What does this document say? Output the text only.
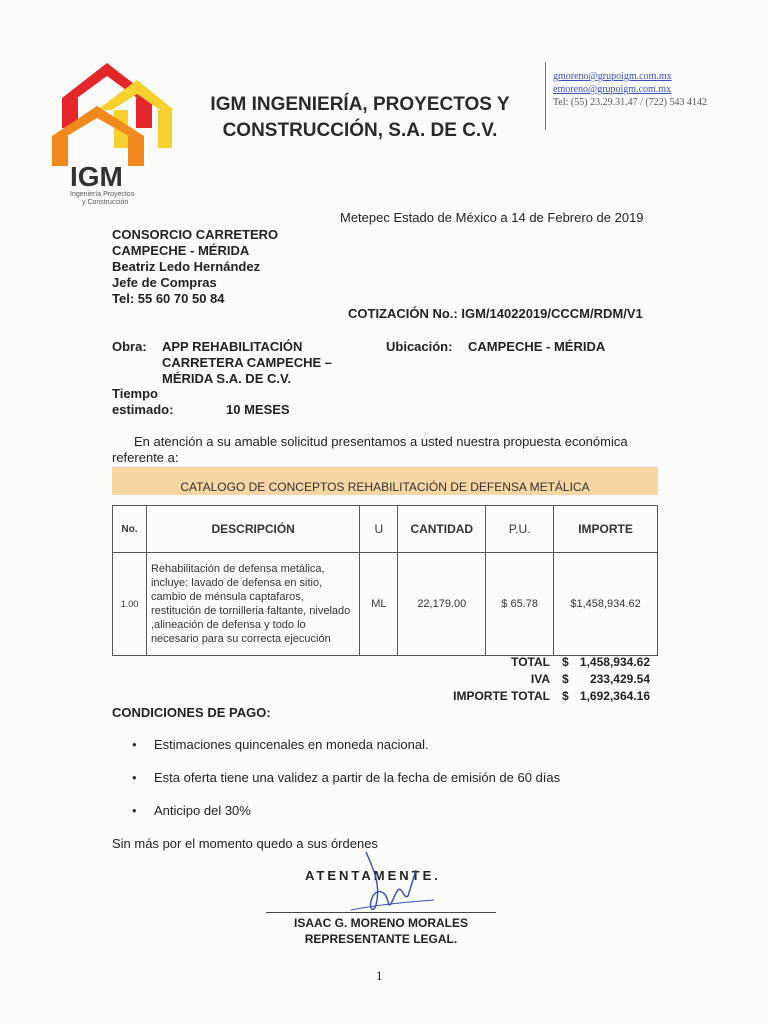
IGM
Ingeniería Proyectos
y Construcción
IGM INGENIERÍA, PROYECTOS Y
CONSTRUCCIÓN, S.A. DE C.V.
gmoreno@grupoigm.com.mx
emoreno@grupoigm.com.mx
Tel: (55) 23.29.31.47 / (722) 543 4142
Metepec Estado de México a 14 de Febrero de 2019
CONSORCIO CARRETERO
CAMPECHE - MÉRIDA
Beatriz Ledo Hernández
Jefe de Compras
Tel: 55 60 70 50 84
COTIZACIÓN No.: IGM/14022019/CCCM/RDM/V1
Obra: APP REHABILITACIÓN
CARRETERA CAMPECHE –
MÉRIDA S.A. DE C.V.
Ubicación: CAMPECHE - MÉRIDA
Tiempo
estimado:	10 MESES
En atención a su amable solicitud presentamos a usted nuestra propuesta económica referente a:
CATALOGO DE CONCEPTOS REHABILITACIÓN DE DEFENSA METÁLICA
No.	DESCRIPCIÓN	U	CANTIDAD	P.U.	IMPORTE
1.00	Rehabilitación de defensa metálica, incluye: lavado de defensa en sitio, cambio de ménsula captafaros, restitución de tornilleria faltante, nivelado ,alineación de defensa y todo lo necesario para su correcta ejecución	ML	22,179.00	$ 65.78	$1,458,934.62
TOTAL $ 1,458,934.62
IVA $ 233,429.54
IMPORTE TOTAL $ 1,692,364.16
CONDICIONES DE PAGO:
• Estimaciones quincenales en moneda nacional.
• Esta oferta tiene una validez a partir de la fecha de emisión de 60 días
• Anticipo del 30%
Sin más por el momento quedo a sus órdenes
ATENTAMENTE.
ISAAC G. MORENO MORALES
REPRESENTANTE LEGAL.
1
